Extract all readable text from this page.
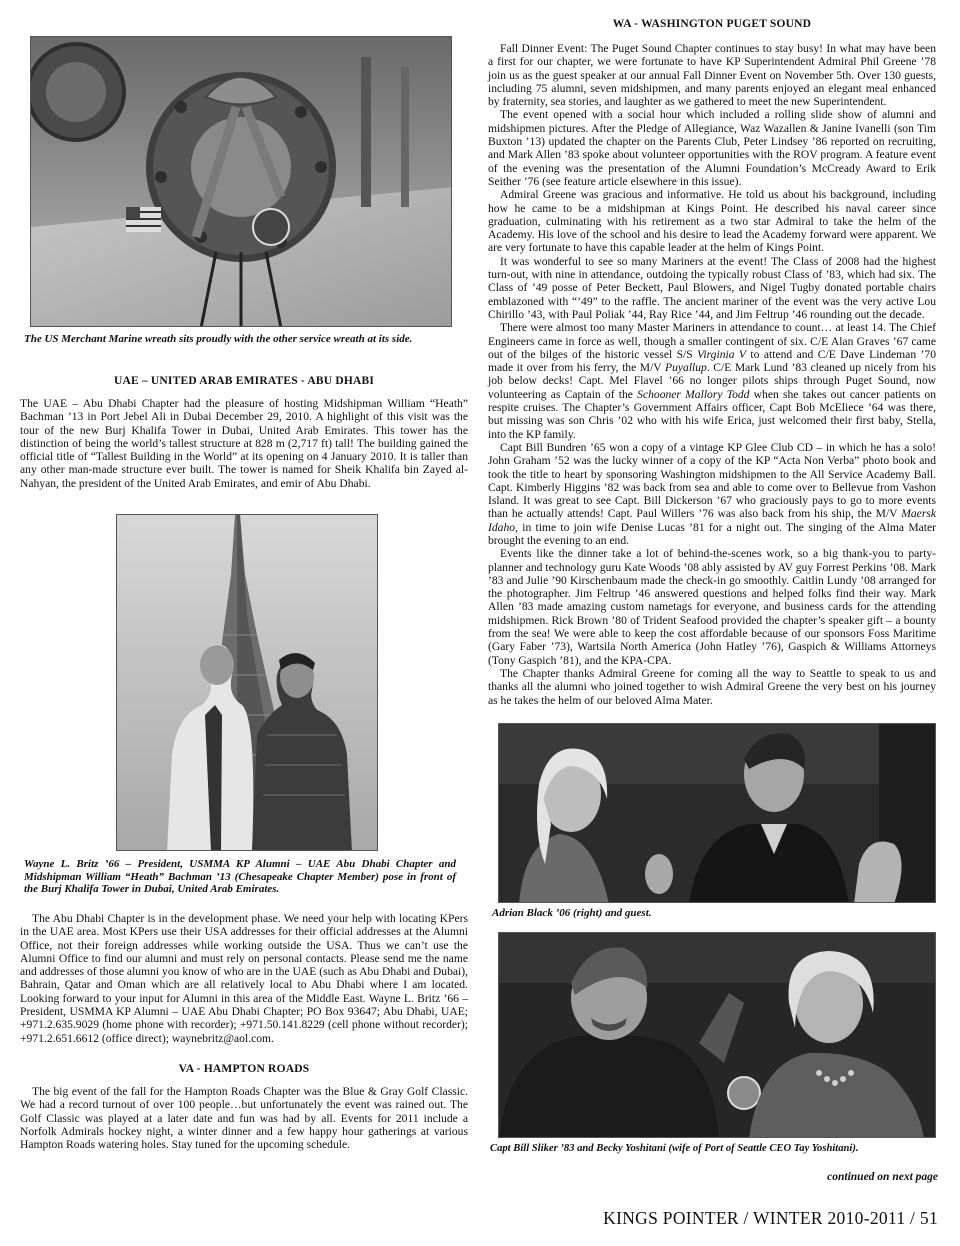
The US Merchant Marine wreath sits proudly with the other service wreath at its side.

UAE – UNITED ARAB EMIRATES - ABU DHABI

The UAE – Abu Dhabi Chapter had the pleasure of hosting Midshipman William “Heath” Bachman ’13 in Port Jebel Ali in Dubai December 29, 2010. A highlight of this visit was the tour of the new Burj Khalifa Tower in Dubai, United Arab Emirates. This tower has the distinction of being the world’s tallest structure at 828 m (2,717 ft) tall! The building gained the official title of “Tallest Building in the World” at its opening on 4 January 2010. It is taller than any other man-made structure ever built. The tower is named for Sheik Khalifa bin Zayed al-Nahyan, the president of the United Arab Emirates, and emir of Abu Dhabi.

Wayne L. Britz ’66 – President, USMMA KP Alumni – UAE Abu Dhabi Chapter and Midshipman William “Heath” Bachman ’13 (Chesapeake Chapter Member) pose in front of the Burj Khalifa Tower in Dubai, United Arab Emirates.

The Abu Dhabi Chapter is in the development phase. We need your help with locating KPers in the UAE area. Most KPers use their USA addresses for their official addresses at the Alumni Office, not their foreign addresses while working outside the USA. Thus we can’t use the Alumni Office to find our alumni and must rely on personal contacts. Please send me the name and addresses of those alumni you know of who are in the UAE (such as Abu Dhabi and Dubai), Bahrain, Qatar and Oman which are all relatively local to Abu Dhabi where I am located. Looking forward to your input for Alumni in this area of the Middle East. Wayne L. Britz ’66 – President, USMMA KP Alumni – UAE Abu Dhabi Chapter; PO Box 93647; Abu Dhabi, UAE; +971.2.635.9029 (home phone with recorder); +971.50.141.8229 (cell phone without recorder); +971.2.651.6612 (office direct); waynebritz@aol.com.

VA - HAMPTON ROADS

The big event of the fall for the Hampton Roads Chapter was the Blue & Gray Golf Classic. We had a record turnout of over 100 people…but unfortunately the event was rained out. The Golf Classic was played at a later date and fun was had by all. Events for 2011 include a Norfolk Admirals hockey night, a winter dinner and a few happy hour gatherings at various Hampton Roads watering holes. Stay tuned for the upcoming schedule.

WA - WASHINGTON PUGET SOUND

Fall Dinner Event: The Puget Sound Chapter continues to stay busy! In what may have been a first for our chapter, we were fortunate to have KP Superintendent Admiral Phil Greene ’78 join us as the guest speaker at our annual Fall Dinner Event on November 5th. Over 130 guests, including 75 alumni, seven midshipmen, and many parents enjoyed an elegant meal enhanced by fraternity, sea stories, and laughter as we gathered to meet the new Superintendent.

The event opened with a social hour which included a rolling slide show of alumni and midshipmen pictures. After the Pledge of Allegiance, Waz Wazallen & Janine Ivanelli (son Tim Buxton ’13) updated the chapter on the Parents Club, Peter Lindsey ’86 reported on recruiting, and Mark Allen ’83 spoke about volunteer opportunities with the ROV program. A feature event of the evening was the presentation of the Alumni Foundation’s McCready Award to Erik Seither ’76 (see feature article elsewhere in this issue).

Admiral Greene was gracious and informative. He told us about his background, including how he came to be a midshipman at Kings Point. He described his naval career since graduation, culminating with his retirement as a two star Admiral to take the helm of the Academy. His love of the school and his desire to lead the Academy forward were apparent. We are very fortunate to have this capable leader at the helm of Kings Point.

It was wonderful to see so many Mariners at the event! The Class of 2008 had the highest turn-out, with nine in attendance, outdoing the typically robust Class of ’83, which had six. The Class of ’49 posse of Peter Beckett, Paul Blowers, and Nigel Tugby donated portable chairs emblazoned with “’49” to the raffle. The ancient mariner of the event was the very active Lou Chirillo ’43, with Paul Poliak ’44, Ray Rice ’44, and Jim Feltrup ’46 rounding out the decade.

There were almost too many Master Mariners in attendance to count… at least 14. The Chief Engineers came in force as well, though a smaller contingent of six. C/E Alan Graves ’67 came out of the bilges of the historic vessel S/S Virginia V to attend and C/E Dave Lindeman ’70 made it over from his ferry, the M/V Puyallup. C/E Mark Lund ’83 cleaned up nicely from his job below decks! Capt. Mel Flavel ’66 no longer pilots ships through Puget Sound, now volunteering as Captain of the Schooner Mallory Todd when she takes out cancer patients on respite cruises. The Chapter’s Government Affairs officer, Capt Bob McEliece ’64 was there, but missing was son Chris ’02 who with his wife Erica, just welcomed their first baby, Stella, into the KP family.

Capt Bill Bundren ’65 won a copy of a vintage KP Glee Club CD – in which he has a solo! John Graham ’52 was the lucky winner of a copy of the KP “Acta Non Verba” photo book and took the title to heart by sponsoring Washington midshipmen to the All Service Academy Ball. Capt. Kimberly Higgins ’82 was back from sea and able to come over to Bellevue from Vashon Island. It was great to see Capt. Bill Dickerson ’67 who graciously pays to go to more events than he actually attends! Capt. Paul Willers ’76 was also back from his ship, the M/V Maersk Idaho, in time to join wife Denise Lucas ’81 for a night out. The singing of the Alma Mater brought the evening to an end.

Events like the dinner take a lot of behind-the-scenes work, so a big thank-you to party-planner and technology guru Kate Woods ’08 ably assisted by AV guy Forrest Perkins ’08. Mark ’83 and Julie ’90 Kirschenbaum made the check-in go smoothly. Caitlin Lundy ’08 arranged for the photographer. Jim Feltrup ’46 answered questions and helped folks find their way. Mark Allen ’83 made amazing custom nametags for everyone, and business cards for the attending midshipmen. Rick Brown ’80 of Trident Seafood provided the chapter’s speaker gift – a bounty from the sea! We were able to keep the cost affordable because of our sponsors Foss Maritime (Gary Faber ’73), Wartsila North America (John Hatley ’76), Gaspich & Williams Attorneys (Tony Gaspich ’81), and the KPA-CPA.

The Chapter thanks Admiral Greene for coming all the way to Seattle to speak to us and thanks all the alumni who joined together to wish Admiral Greene the very best on his journey as he takes the helm of our beloved Alma Mater.

Adrian Black ’06 (right) and guest.

Capt Bill Sliker ’83 and Becky Yoshitani (wife of Port of Seattle CEO Tay Yoshitani).

continued on next page
KINGS POINTER / WINTER 2010-2011 / 51
